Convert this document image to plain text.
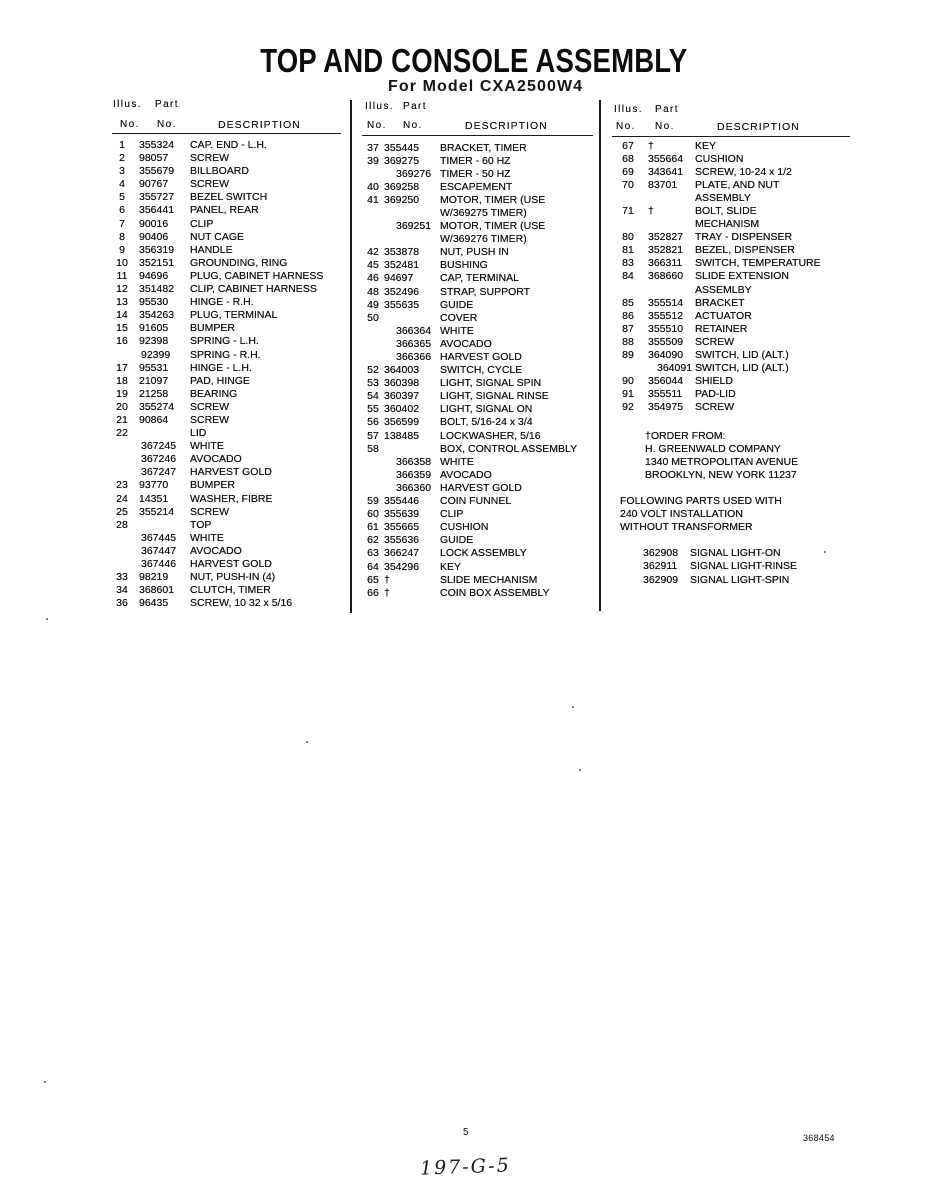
TOP AND CONSOLE ASSEMBLY
For Model CXA2500W4
Illus. Part
No. No.	DESCRIPTION
Illus. Part
No. No.	DESCRIPTION
Illus. Part
No. No.	DESCRIPTION
1	355324	CAP. END - L.H.
2	98057	SCREW
3	355679	BILLBOARD
4	90767	SCREW
5	355727	BEZEL SWITCH
6	356441	PANEL, REAR
7	90016	CLIP
8	90406	NUT CAGE
9	356319	HANDLE
10	352151	GROUNDING, RING
11	94696	PLUG, CABINET HARNESS
12	351482	CLIP, CABINET HARNESS
13	95530	HINGE - R.H.
14	354263	PLUG, TERMINAL
15	91605	BUMPER
16	92398	SPRING - L.H.
92399	SPRING - R.H.
17	95531	HINGE - L.H.
18	21097	PAD, HINGE
19	21258	BEARING
20	355274	SCREW
21	90864	SCREW
22	LID
367245	WHITE
367246	AVOCADO
367247	HARVEST GOLD
23	93770	BUMPER
24	14351	WASHER, FIBRE
25	355214	SCREW
28	TOP
367445	WHITE
367447	AVOCADO
367446	HARVEST GOLD
33	98219	NUT, PUSH-IN (4)
34	368601	CLUTCH, TIMER
36	96435	SCREW, 10 32 x 5/16
37 355445	BRACKET, TIMER
39 369275	TIMER - 60 HZ
369276 TIMER - 50 HZ
40 369258	ESCAPEMENT
41 369250	MOTOR, TIMER (USE
W/369275 TIMER)
369251 MOTOR, TIMER (USE
W/369276 TIMER)
42 353878	NUT, PUSH IN
45 352481	BUSHING
46 94697	CAP, TERMINAL
48 352496	STRAP, SUPPORT
49 355635	GUIDE
50	COVER
366364 WHITE
366365 AVOCADO
366366 HARVEST GOLD
52 364003	SWITCH, CYCLE
53 360398	LIGHT, SIGNAL SPIN
54 360397	LIGHT, SIGNAL RINSE
55 360402	LIGHT, SIGNAL ON
56 356599	BOLT, 5/16-24 x 3/4
57 138485	LOCKWASHER, 5/16
58	BOX, CONTROL ASSEMBLY
366358 WHITE
366359 AVOCADO
366360 HARVEST GOLD
59 355446	COIN FUNNEL
60 355639	CLIP
61 355665	CUSHION
62 355636	GUIDE
63 366247	LOCK ASSEMBLY
64 354296	KEY
65 †	SLIDE MECHANISM
66 †	COIN BOX ASSEMBLY
67	†	KEY
68	355664	CUSHION
69	343641	SCREW, 10-24 x 1/2
70	83701	PLATE, AND NUT
ASSEMBLY
71	†	BOLT, SLIDE
MECHANISM
80	352827	TRAY - DISPENSER
81	352821	BEZEL, DISPENSER
83	366311	SWITCH, TEMPERATURE
84	368660	SLIDE EXTENSION
ASSEMLBY
85	355514	BRACKET
86	355512	ACTUATOR
87	355510	RETAINER
88	355509	SCREW
89	364090	SWITCH, LID (ALT.)
364091 SWITCH, LID (ALT.)
90	356044	SHIELD
91	355511	PAD-LID
92	354975	SCREW
†ORDER FROM:
H. GREENWALD COMPANY
1340 METROPOLITAN AVENUE
BROOKLYN, NEW YORK 11237
FOLLOWING PARTS USED WITH
240 VOLT INSTALLATION
WITHOUT TRANSFORMER
362908	SIGNAL LIGHT-ON
362911	SIGNAL LIGHT-RINSE
362909	SIGNAL LIGHT-SPIN
5	368454
197-G-5
